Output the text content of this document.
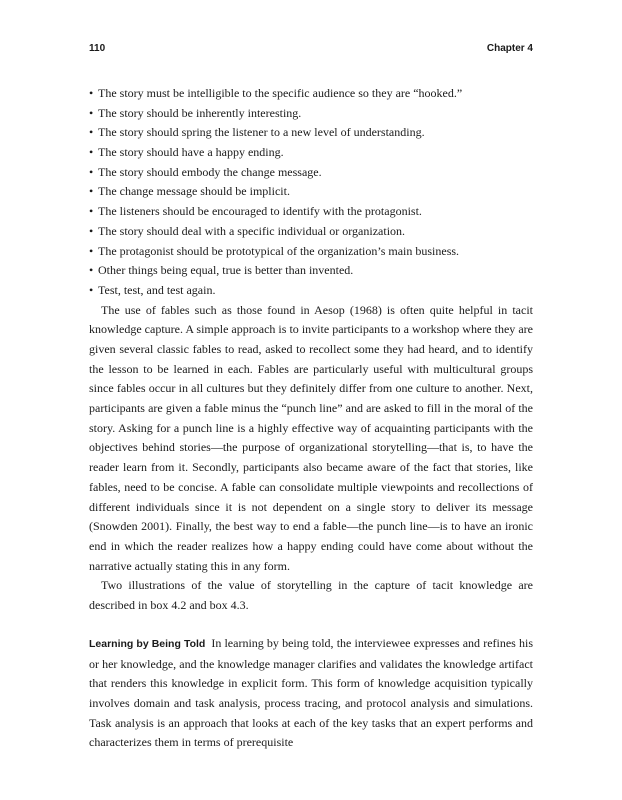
110	Chapter 4
• The story must be intelligible to the specific audience so they are “hooked.”
• The story should be inherently interesting.
• The story should spring the listener to a new level of understanding.
• The story should have a happy ending.
• The story should embody the change message.
• The change message should be implicit.
• The listeners should be encouraged to identify with the protagonist.
• The story should deal with a specific individual or organization.
• The protagonist should be prototypical of the organization’s main business.
• Other things being equal, true is better than invented.
• Test, test, and test again.

The use of fables such as those found in Aesop (1968) is often quite helpful in tacit knowledge capture. A simple approach is to invite participants to a workshop where they are given several classic fables to read, asked to recollect some they had heard, and to identify the lesson to be learned in each. Fables are particularly useful with multicultural groups since fables occur in all cultures but they definitely differ from one culture to another. Next, participants are given a fable minus the “punch line” and are asked to fill in the moral of the story. Asking for a punch line is a highly effective way of acquainting participants with the objectives behind stories—the purpose of organizational storytelling—that is, to have the reader learn from it. Secondly, participants also became aware of the fact that stories, like fables, need to be concise. A fable can consolidate multiple viewpoints and recollections of different individuals since it is not dependent on a single story to deliver its message (Snowden 2001). Finally, the best way to end a fable—the punch line—is to have an ironic end in which the reader realizes how a happy ending could have come about without the narrative actually stating this in any form.

Two illustrations of the value of storytelling in the capture of tacit knowledge are described in box 4.2 and box 4.3.

Learning by Being Told In learning by being told, the interviewee expresses and refines his or her knowledge, and the knowledge manager clarifies and validates the knowledge artifact that renders this knowledge in explicit form. This form of knowledge acquisition typically involves domain and task analysis, process tracing, and protocol analysis and simulations. Task analysis is an approach that looks at each of the key tasks that an expert performs and characterizes them in terms of prerequisite
